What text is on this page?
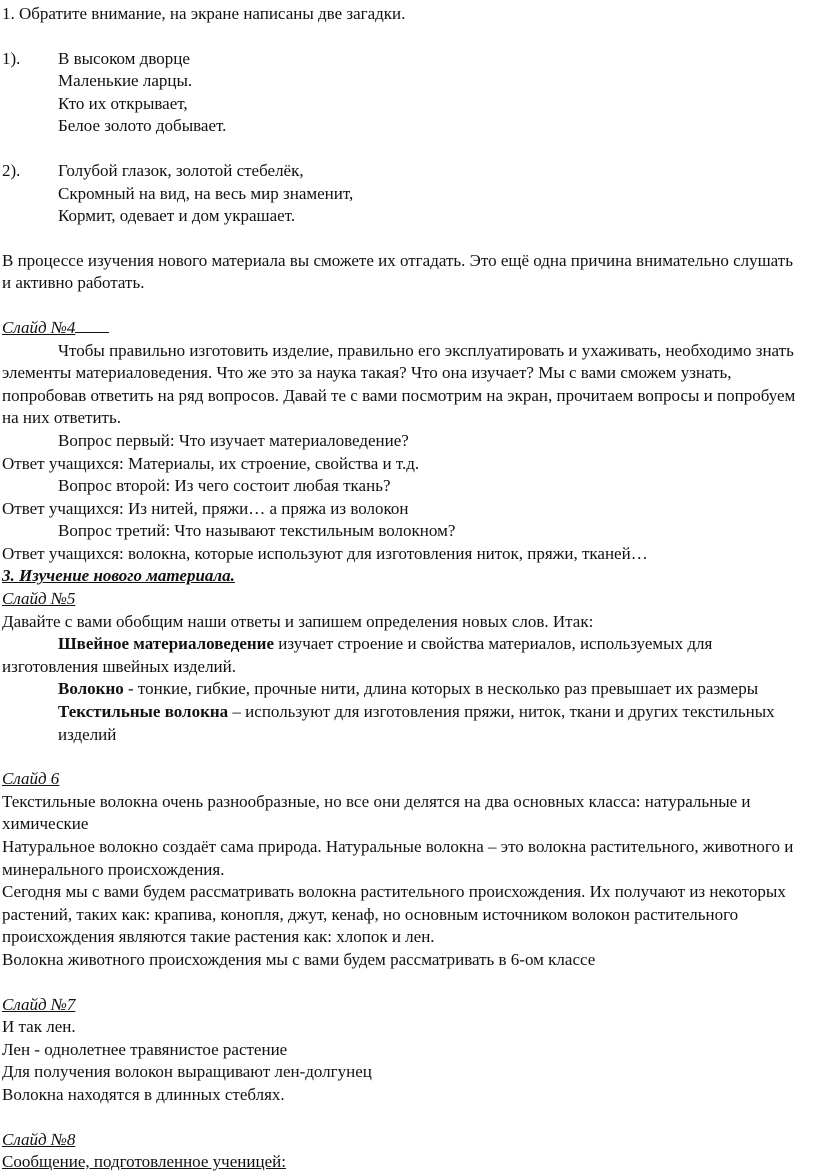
1. Обратите внимание, на экране написаны две загадки.

1).	В высоком дворце

Маленькие ларцы.

Кто их открывает,

Белое золото добывает.

2).	Голубой глазок, золотой стебелёк,

Скромный на вид, на весь мир знаменит,

Кормит, одевает и дом украшает.

В процессе изучения нового материала вы сможете их отгадать. Это ещё одна причина внимательно слушать и активно работать.

Слайд №4

Чтобы правильно изготовить изделие, правильно его эксплуатировать и ухаживать, необходимо знать элементы материаловедения. Что же это за наука такая? Что она изучает? Мы с вами сможем узнать, попробовав ответить на ряд вопросов. Давай те с вами посмотрим на экран, прочитаем вопросы и попробуем на них ответить.

Вопрос первый: Что изучает материаловедение?

Ответ учащихся: Материалы, их строение, свойства и т.д.

Вопрос второй: Из чего состоит любая ткань?

Ответ учащихся: Из нитей, пряжи… а пряжа из волокон

Вопрос третий: Что называют текстильным волокном?

Ответ учащихся: волокна, которые используют для изготовления ниток, пряжи, тканей…

3. Изучение нового материала.

Слайд №5

Давайте с вами обобщим наши ответы и запишем определения новых слов. Итак:

Швейное материаловедение изучает строение и свойства материалов, используемых для изготовления швейных изделий.

Волокно - тонкие, гибкие, прочные нити, длина которых в несколько раз превышает их размеры

Текстильные волокна – используют для изготовления пряжи, ниток, ткани и других текстильных изделий

Слайд 6

Текстильные волокна очень разнообразные, но все они делятся на два основных класса: натуральные и химические

Натуральное волокно создаёт сама природа. Натуральные волокна – это волокна растительного, животного и минерального происхождения.

Сегодня мы с вами будем рассматривать волокна растительного происхождения. Их получают из некоторых растений, таких как: крапива, конопля, джут, кенаф, но основным источником волокон растительного происхождения являются такие растения как: хлопок и лен.

Волокна животного происхождения мы с вами будем рассматривать в 6-ом классе

Слайд №7

И так лен.

Лен - однолетнее травянистое растение

Для получения волокон выращивают лен-долгунец

Волокна находятся в длинных стеблях.

Слайд №8

Сообщение, подготовленное ученицей:
